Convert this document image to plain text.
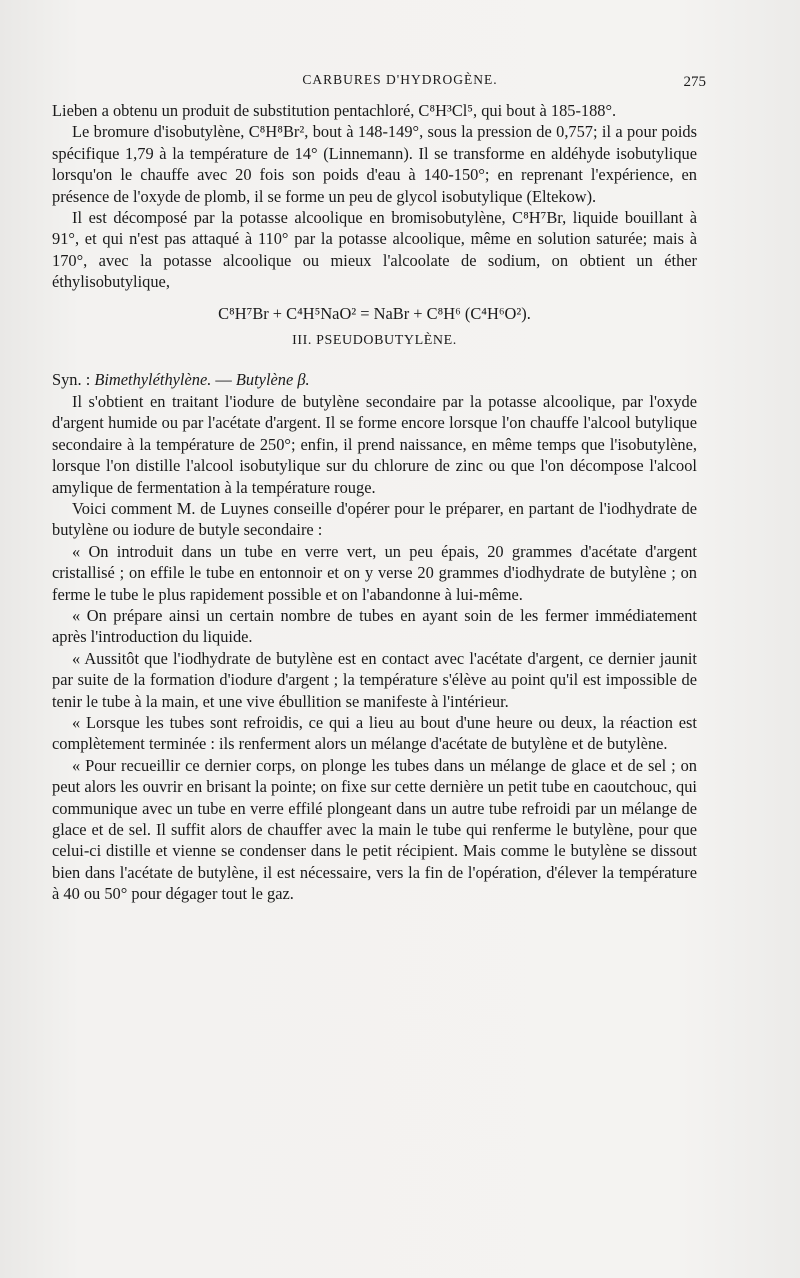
CARBURES D'HYDROGÈNE.	275

Lieben a obtenu un produit de substitution pentachloré, C⁸H³Cl⁵, qui bout à 185-188°.

Le bromure d'isobutylène, C⁸H⁸Br², bout à 148-149°, sous la pression de 0,757; il a pour poids spécifique 1,79 à la température de 14° (Linnemann). Il se transforme en aldéhyde isobutylique lorsqu'on le chauffe avec 20 fois son poids d'eau à 140-150°; en reprenant l'expérience, en présence de l'oxyde de plomb, il se forme un peu de glycol isobutylique (Eltekow).

Il est décomposé par la potasse alcoolique en bromisobutylène, C⁸H⁷Br, liquide bouillant à 91°, et qui n'est pas attaqué à 110° par la potasse alcoolique, même en solution saturée; mais à 170°, avec la potasse alcoolique ou mieux l'alcoolate de sodium, on obtient un éther éthylisobutylique,

C⁸H⁷Br + C⁴H⁵NaO² = NaBr + C⁸H⁶ (C⁴H⁶O²).
III. PSEUDOBUTYLÈNE.

Syn. : Bimethyléthylène. — Butylène β.

Il s'obtient en traitant l'iodure de butylène secondaire par la potasse alcoolique, par l'oxyde d'argent humide ou par l'acétate d'argent. Il se forme encore lorsque l'on chauffe l'alcool butylique secondaire à la température de 250°; enfin, il prend naissance, en même temps que l'isobutylène, lorsque l'on distille l'alcool isobutylique sur du chlorure de zinc ou que l'on décompose l'alcool amylique de fermentation à la température rouge.

Voici comment M. de Luynes conseille d'opérer pour le préparer, en partant de l'iodhydrate de butylène ou iodure de butyle secondaire :

« On introduit dans un tube en verre vert, un peu épais, 20 grammes d'acétate d'argent cristallisé ; on effile le tube en entonnoir et on y verse 20 grammes d'iodhydrate de butylène ; on ferme le tube le plus rapidement possible et on l'abandonne à lui-même.

« On prépare ainsi un certain nombre de tubes en ayant soin de les fermer immédiatement après l'introduction du liquide.

« Aussitôt que l'iodhydrate de butylène est en contact avec l'acétate d'argent, ce dernier jaunit par suite de la formation d'iodure d'argent ; la température s'élève au point qu'il est impossible de tenir le tube à la main, et une vive ébullition se manifeste à l'intérieur.

« Lorsque les tubes sont refroidis, ce qui a lieu au bout d'une heure ou deux, la réaction est complètement terminée : ils renferment alors un mélange d'acétate de butylène et de butylène.

« Pour recueillir ce dernier corps, on plonge les tubes dans un mélange de glace et de sel ; on peut alors les ouvrir en brisant la pointe; on fixe sur cette dernière un petit tube en caoutchouc, qui communique avec un tube en verre effilé plongeant dans un autre tube refroidi par un mélange de glace et de sel. Il suffit alors de chauffer avec la main le tube qui renferme le butylène, pour que celui-ci distille et vienne se condenser dans le petit récipient. Mais comme le butylène se dissout bien dans l'acétate de butylène, il est nécessaire, vers la fin de l'opération, d'élever la température à 40 ou 50° pour dégager tout le gaz.
